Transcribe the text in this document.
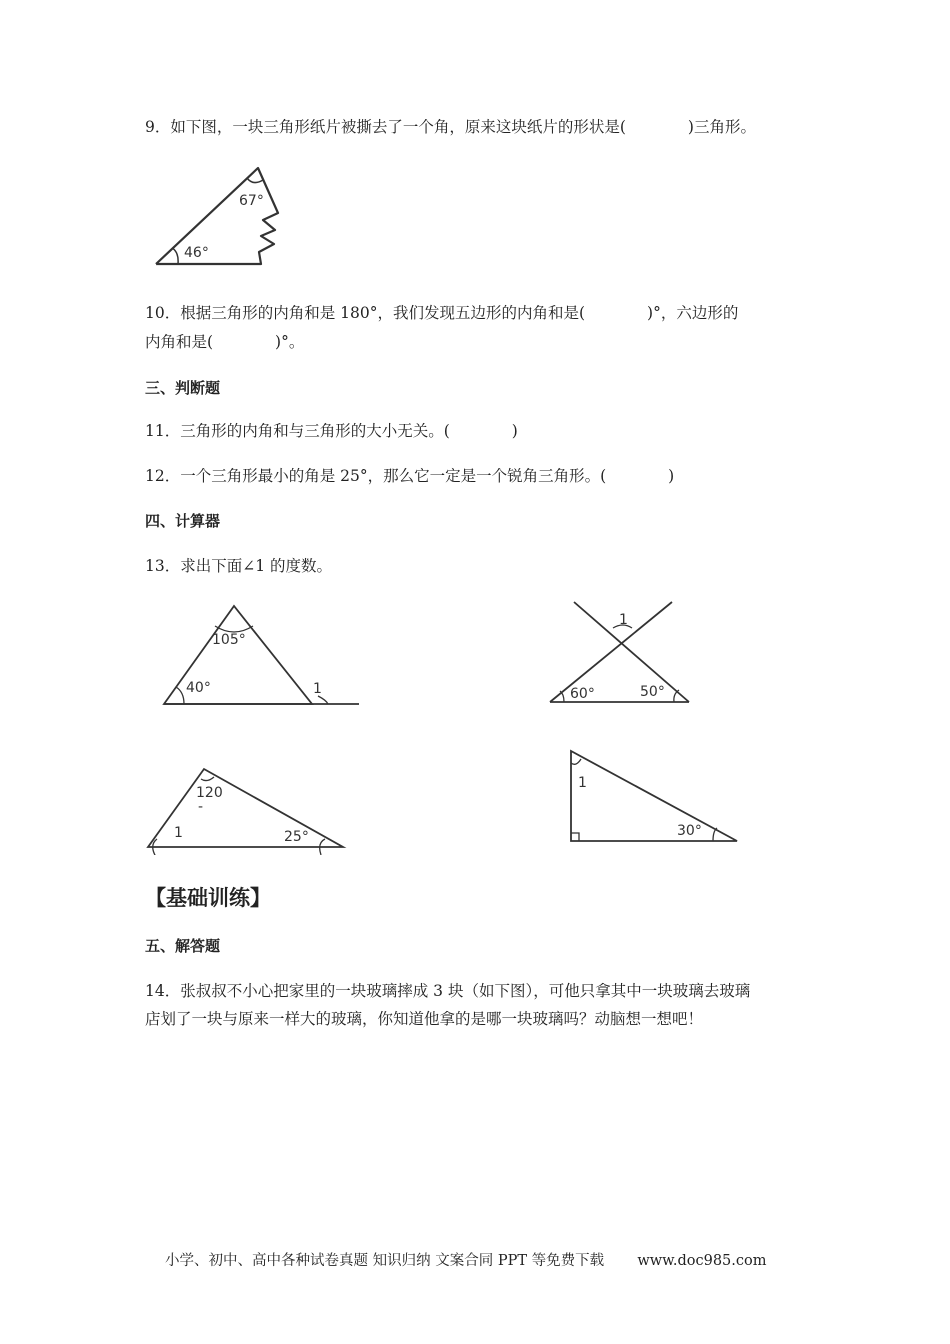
9．如下图，一块三角形纸片被撕去了一个角，原来这块纸片的形状是(　　　　)三角形。
67°
46°
10．根据三角形的内角和是 180°，我们发现五边形的内角和是(　　　　)°，六边形的
内角和是(　　　　)°。
三、判断题
11．三角形的内角和与三角形的大小无关。(　　　　)
12．一个三角形最小的角是 25°，那么它一定是一个锐角三角形。(　　　　)
四、计算器
13．求出下面∠1 的度数。
105°
40°	1
1
60°	50°
120
-
1	25°
1
30°
【基础训练】
五、解答题
14．张叔叔不小心把家里的一块玻璃摔成 3 块（如下图），可他只拿其中一块玻璃去玻璃
店划了一块与原来一样大的玻璃，你知道他拿的是哪一块玻璃吗？动脑想一想吧！
小学、初中、高中各种试卷真题 知识归纳 文案合同 PPT 等免费下载 www.doc985.com
